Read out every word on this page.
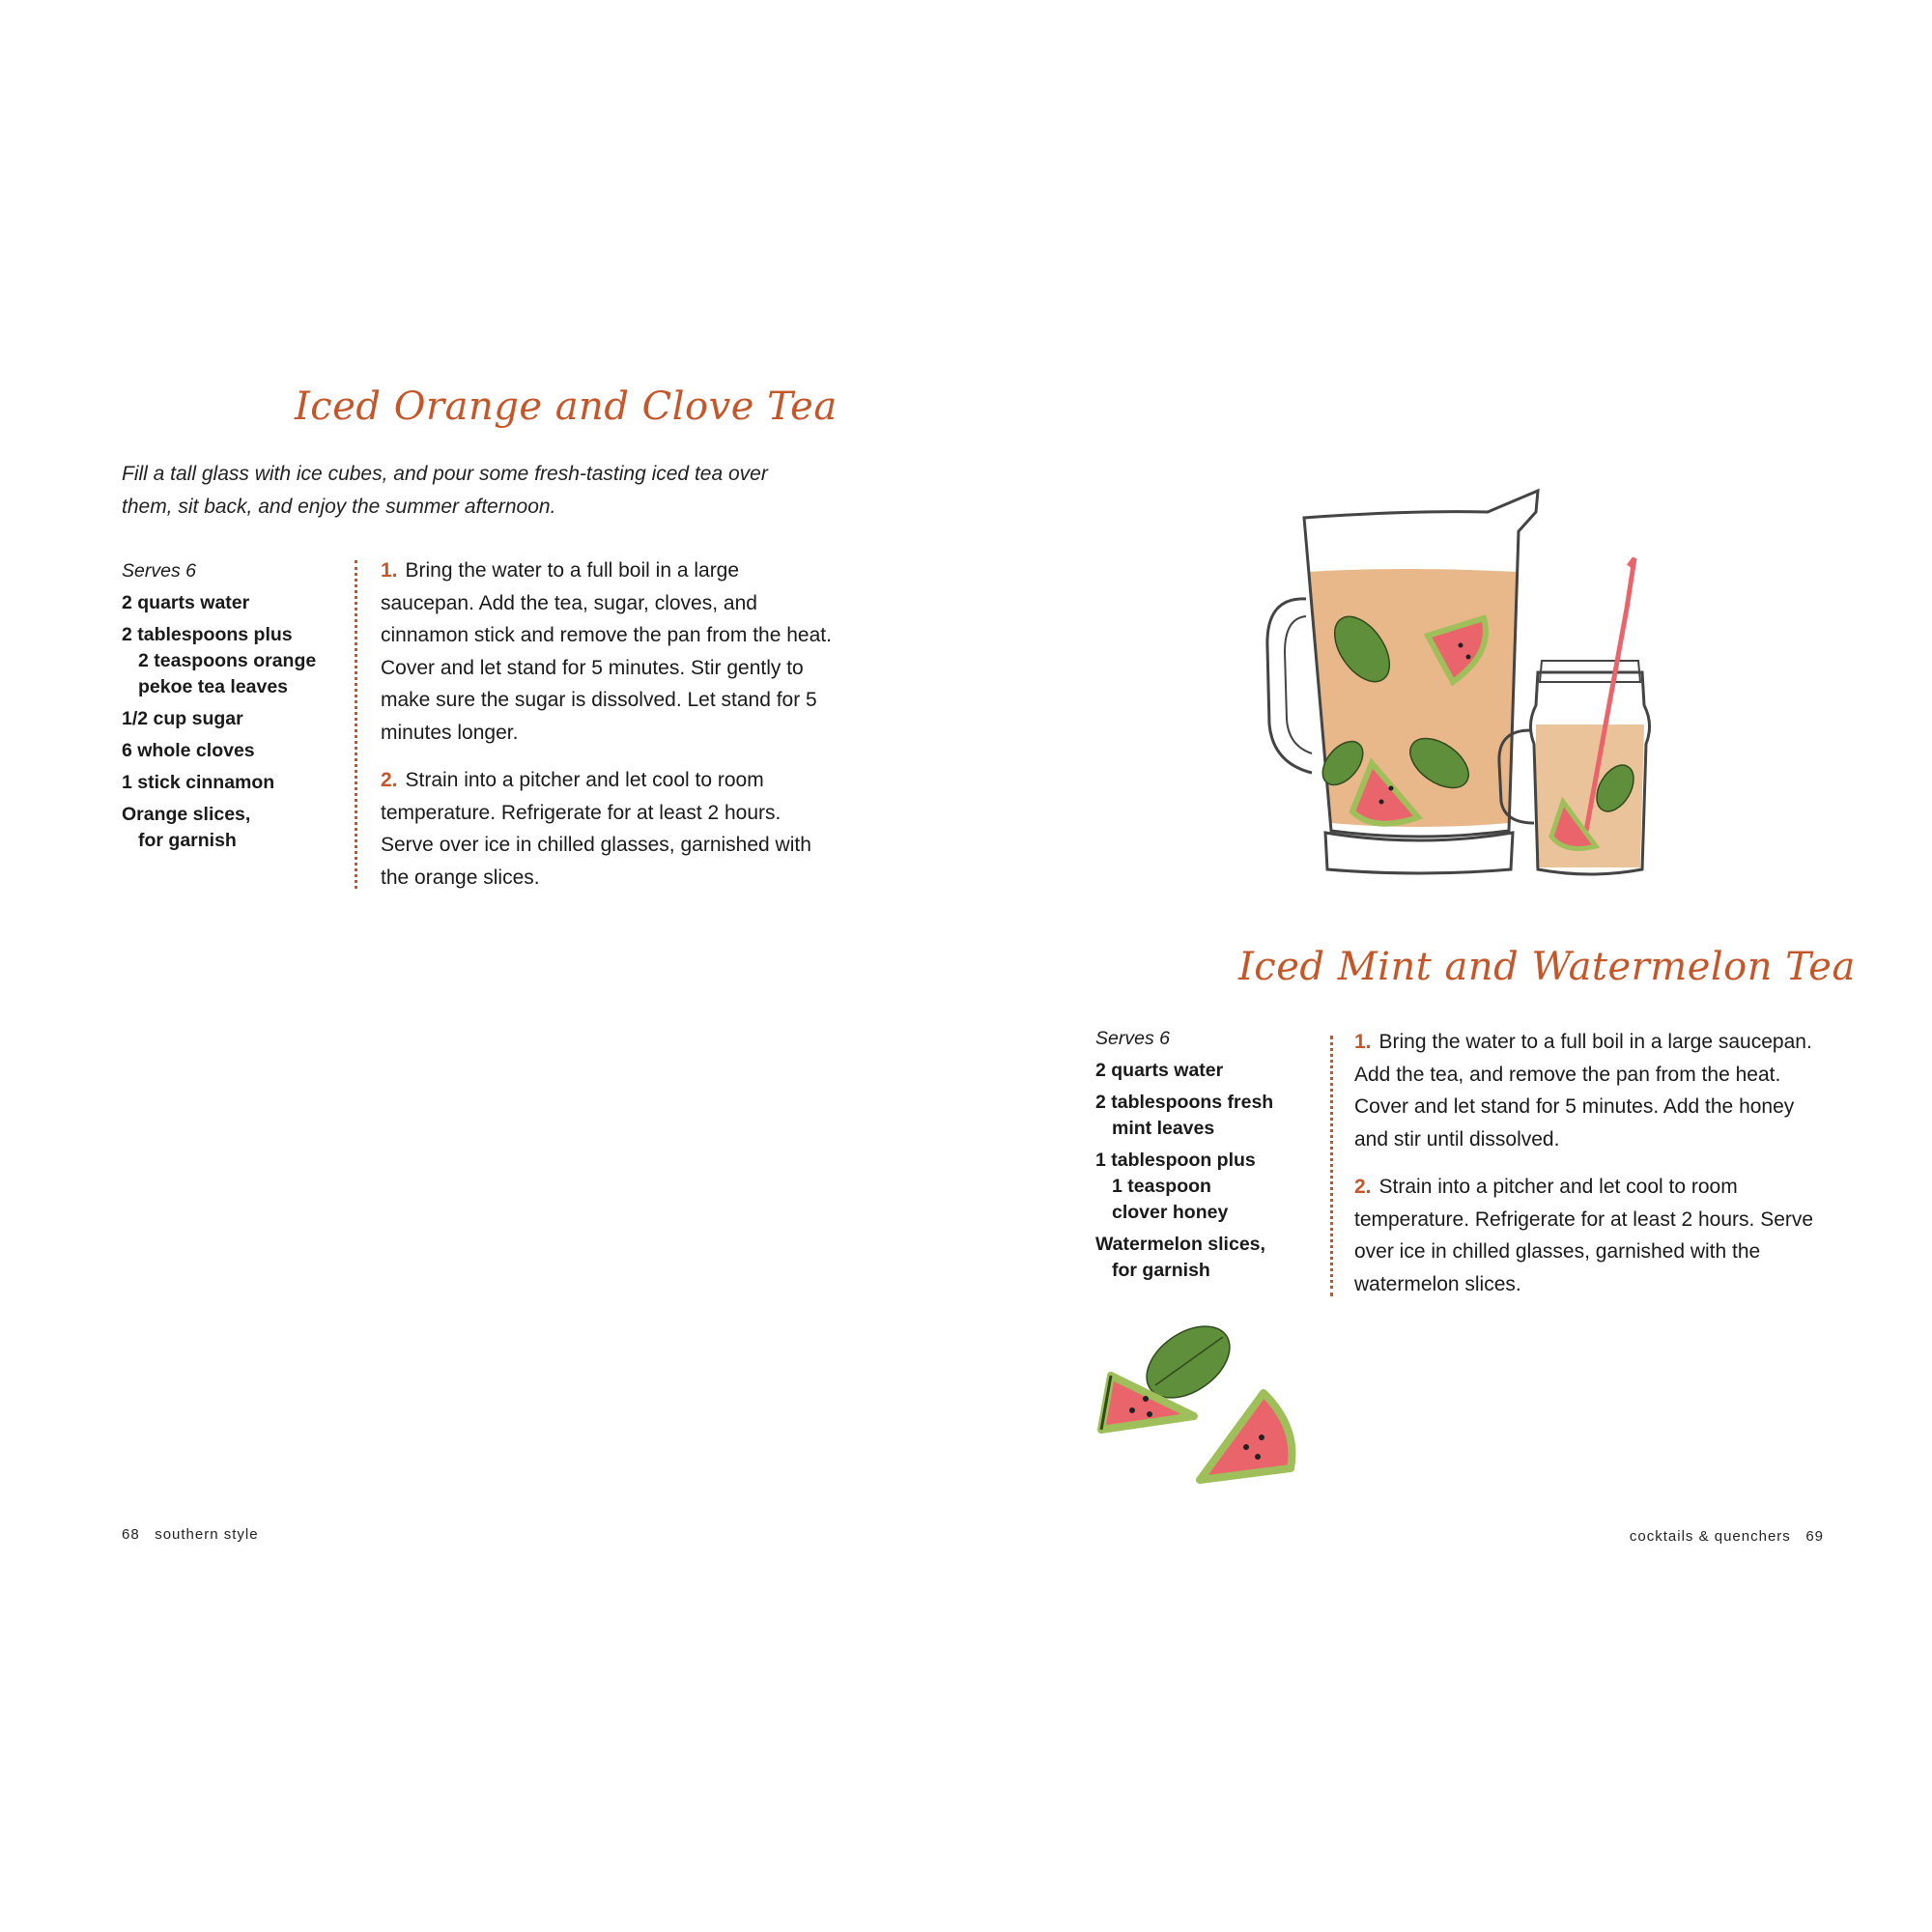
Iced Orange and Clove Tea
Fill a tall glass with ice cubes, and pour some fresh-tasting iced tea over
them, sit back, and enjoy the summer afternoon.
Serves 6
2 quarts water
2 tablespoons plus
2 teaspoons orange pekoe tea leaves
1/2 cup sugar
6 whole cloves
1 stick cinnamon
Orange slices,
for garnish
1. Bring the water to a full boil in a large saucepan. Add the tea, sugar, cloves, and cinnamon stick and remove the pan from the heat. Cover and let stand for 5 minutes. Stir gently to make sure the sugar is dissolved. Let stand for 5 minutes longer.
2. Strain into a pitcher and let cool to room temperature. Refrigerate for at least 2 hours. Serve over ice in chilled glasses, garnished with the orange slices.
68 southern style
Iced Mint and Watermelon Tea
Serves 6
2 quarts water
2 tablespoons fresh
mint leaves
1 tablespoon plus
1 teaspoon clover honey
Watermelon slices,
for garnish
1. Bring the water to a full boil in a large saucepan. Add the tea, and remove the pan from the heat. Cover and let stand for 5 minutes. Add the honey and stir until dissolved.
2. Strain into a pitcher and let cool to room temperature. Refrigerate for at least 2 hours. Serve over ice in chilled glasses, garnished with the watermelon slices.
cocktails & quenchers 69
